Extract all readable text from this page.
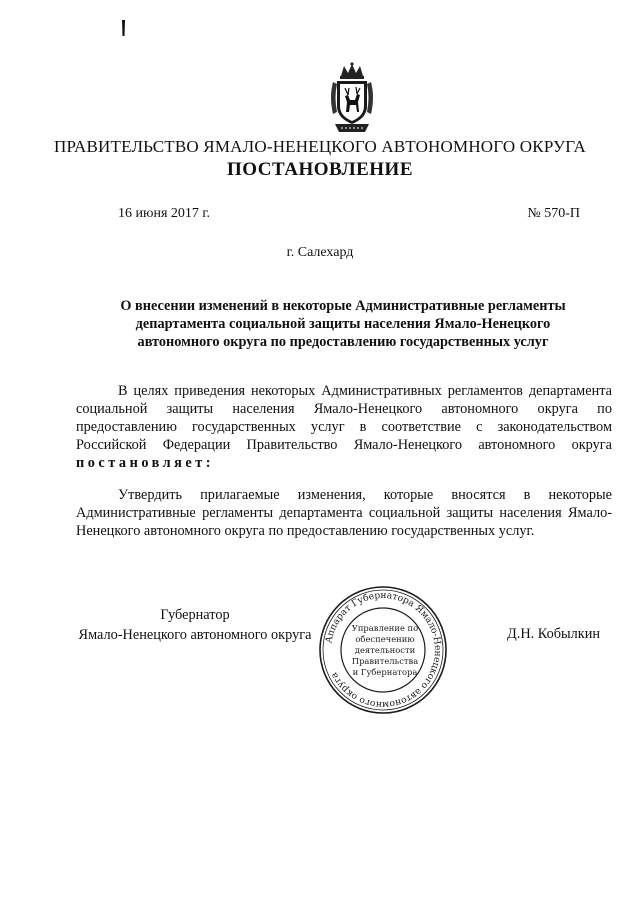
ПРАВИТЕЛЬСТВО ЯМАЛО-НЕНЕЦКОГО АВТОНОМНОГО ОКРУГА
ПОСТАНОВЛЕНИЕ
16 июня 2017 г.	№ 570-П
г. Салехард
О внесении изменений в некоторые Административные регламенты департамента социальной защиты населения Ямало-Ненецкого автономного округа по предоставлению государственных услуг
В целях приведения некоторых Административных регламентов департамента социальной защиты населения Ямало-Ненецкого автономного округа по предоставлению государственных услуг в соответствие с законодательством Российской Федерации Правительство Ямало-Ненецкого автономного округа постановляет:
Утвердить прилагаемые изменения, которые вносятся в некоторые Административные регламенты департамента социальной защиты населения Ямало-Ненецкого автономного округа по предоставлению государственных услуг.
Губернатор
Ямало-Ненецкого автономного округа	Аппарат Губернатора Ямало-Ненецкого автономного округа
Управление по
обеспечению
деятельности
Правительства
и Губернатора
Д.Н. Кобылкин
